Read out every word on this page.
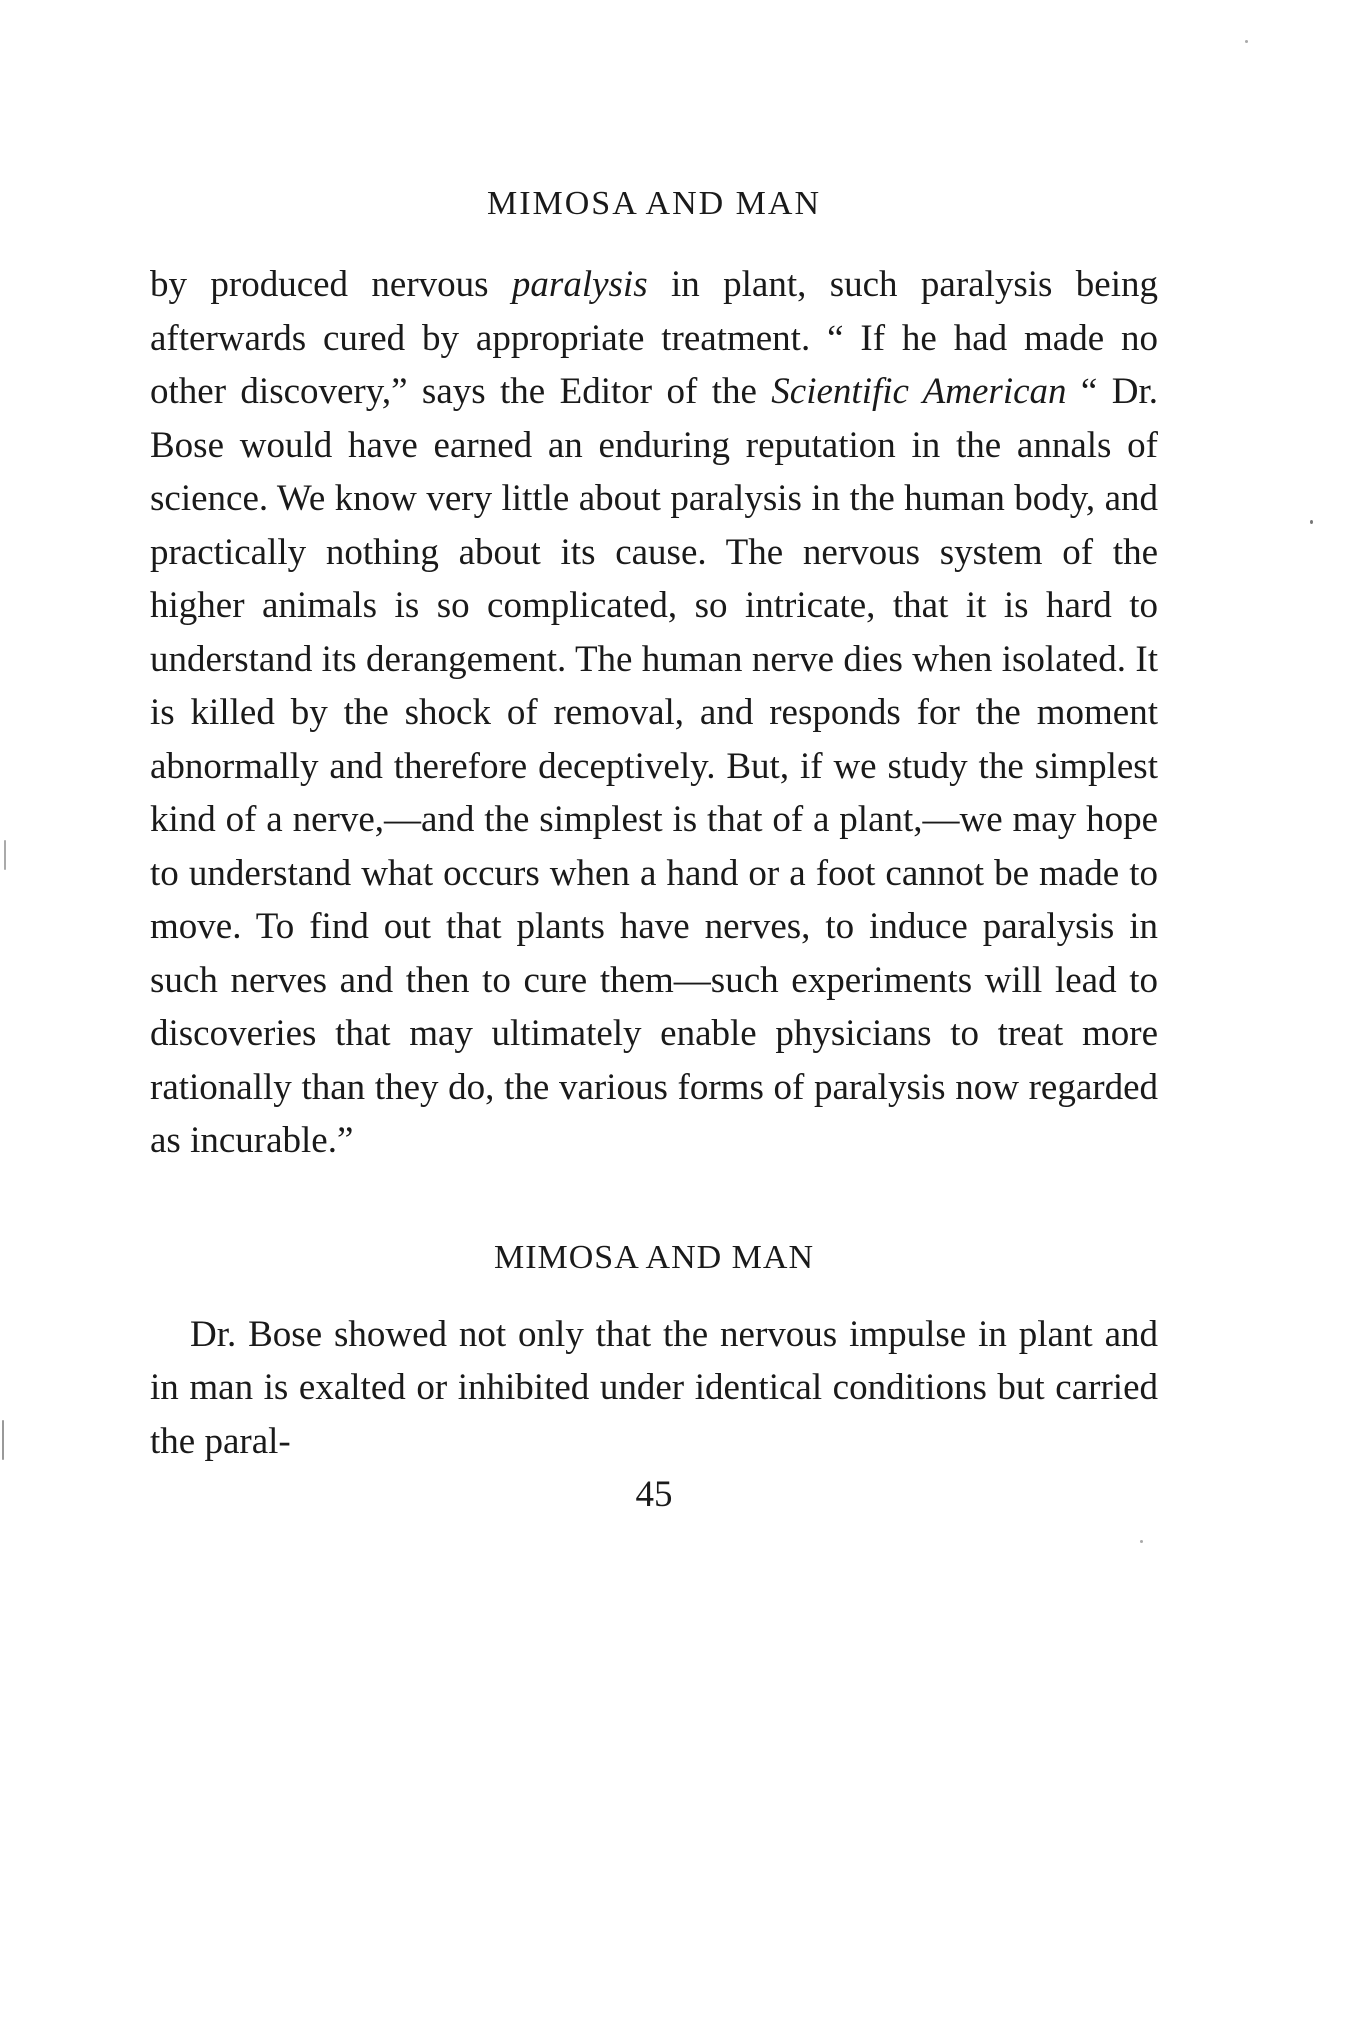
MIMOSA AND MAN

by produced nervous paralysis in plant, such paralysis being afterwards cured by appropriate treatment. “ If he had made no other discovery,” says the Editor of the Scientific American “ Dr. Bose would have earned an enduring reputation in the annals of science. We know very little about paralysis in the human body, and practically nothing about its cause. The nervous system of the higher animals is so complicated, so intricate, that it is hard to understand its derangement. The human nerve dies when isolated. It is killed by the shock of removal, and responds for the moment abnormally and therefore deceptively. But, if we study the simplest kind of a nerve,—and the simplest is that of a plant,—we may hope to understand what occurs when a hand or a foot cannot be made to move. To find out that plants have nerves, to induce paralysis in such nerves and then to cure them—such experiments will lead to discoveries that may ultimately enable physicians to treat more rationally than they do, the various forms of paralysis now regarded as incurable.”

MIMOSA AND MAN

Dr. Bose showed not only that the nervous impulse in plant and in man is exalted or inhibited under identical conditions but carried the paral-

45
